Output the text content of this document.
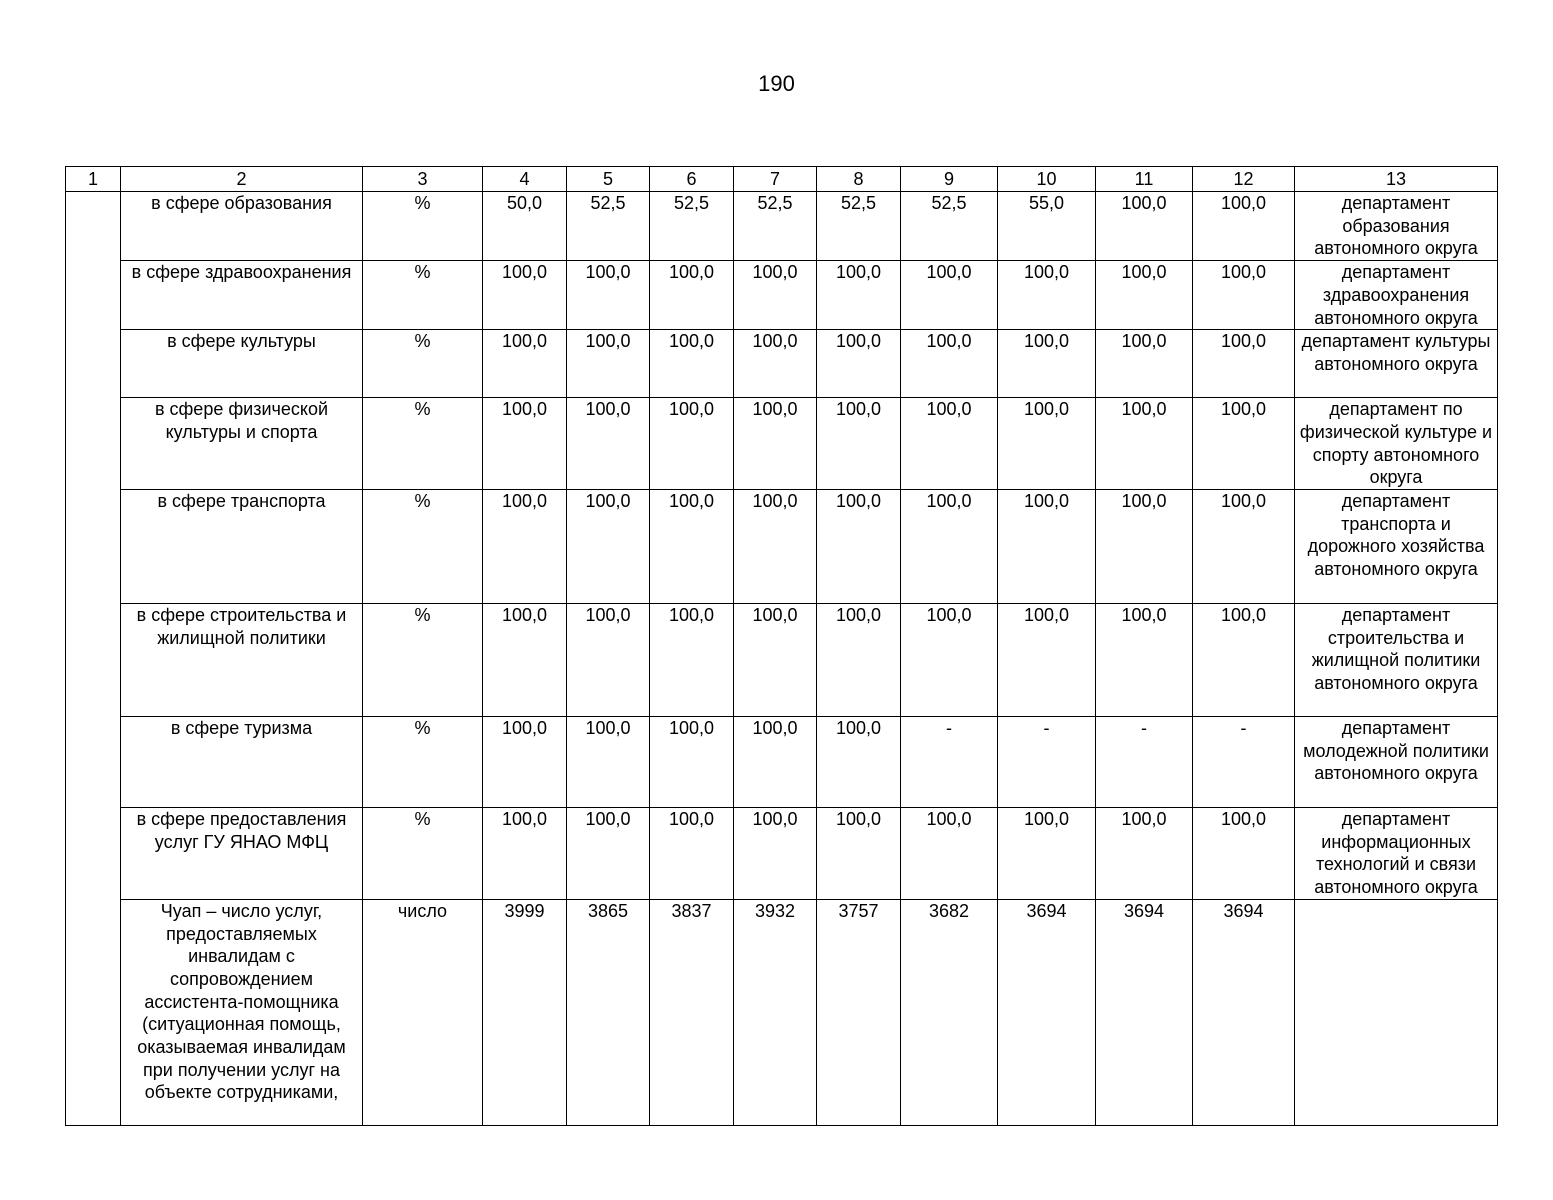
190
1	2	3	4	5	6	7	8	9	10	11	12	13
	в сфере образования	%	50,0	52,5	52,5	52,5	52,5	52,5	55,0	100,0	100,0	департамент образования автономного округа
	в сфере здравоохранения	%	100,0	100,0	100,0	100,0	100,0	100,0	100,0	100,0	100,0	департамент здравоохранения автономного округа
	в сфере культуры	%	100,0	100,0	100,0	100,0	100,0	100,0	100,0	100,0	100,0	департамент культуры автономного округа
	в сфере физической культуры и спорта	%	100,0	100,0	100,0	100,0	100,0	100,0	100,0	100,0	100,0	департамент по физической культуре и спорту автономного округа
	в сфере транспорта	%	100,0	100,0	100,0	100,0	100,0	100,0	100,0	100,0	100,0	департамент транспорта и дорожного хозяйства автономного округа
	в сфере строительства и жилищной политики	%	100,0	100,0	100,0	100,0	100,0	100,0	100,0	100,0	100,0	департамент строительства и жилищной политики автономного округа
	в сфере туризма	%	100,0	100,0	100,0	100,0	100,0	-	-	-	-	департамент молодежной политики автономного округа
	в сфере предоставления услуг ГУ ЯНАО МФЦ	%	100,0	100,0	100,0	100,0	100,0	100,0	100,0	100,0	100,0	департамент информационных технологий и связи автономного округа
	Чуап – число услуг, предоставляемых инвалидам с сопровождением ассистента-помощника (ситуационная помощь, оказываемая инвалидам при получении услуг на объекте сотрудниками,	число	3999	3865	3837	3932	3757	3682	3694	3694	3694	
